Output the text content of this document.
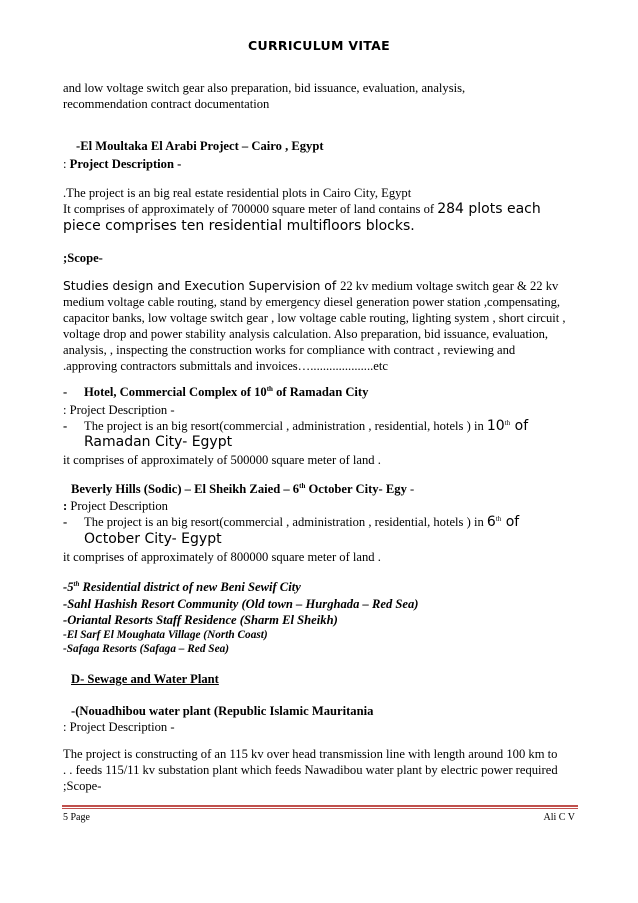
CURRICULUM VITAE
and low voltage switch gear also preparation, bid issuance, evaluation, analysis,
recommendation contract documentation
-El Moultaka El Arabi Project – Cairo , Egypt
: Project Description -
.The project is an big real estate residential plots in Cairo City, Egypt
It comprises of approximately of 700000 square meter of land contains of 284 plots each
piece comprises ten residential multifloors blocks.
;Scope-
Studies design and Execution Supervision of 22 kv medium voltage switch gear & 22 kv
medium voltage cable routing, stand by emergency diesel generation power station ,compensating,
capacitor banks, low voltage switch gear , low voltage cable routing, lighting system , short circuit ,
voltage drop and power stability analysis calculation. Also preparation, bid issuance, evaluation,
analysis, , inspecting the construction works for compliance with contract , reviewing and
.approving contractors submittals and invoices…....................etc
- Hotel, Commercial Complex of 10th of Ramadan City
: Project Description -
- The project is an big resort(commercial , administration , residential, hotels ) in 10th of
Ramadan City- Egypt
it comprises of approximately of 500000 square meter of land .
Beverly Hills (Sodic) – El Sheikh Zaied – 6th October City- Egy -
: Project Description
- The project is an big resort(commercial , administration , residential, hotels ) in 6th of
October City- Egypt
it comprises of approximately of 800000 square meter of land .
-5th Residential district of new Beni Sewif City
-Sahl Hashish Resort Community (Old town – Hurghada – Red Sea)
-Oriantal Resorts Staff Residence (Sharm El Sheikh)
-El Sarf El Moughata Village (North Coast)
-Safaga Resorts (Safaga – Red Sea)
D- Sewage and Water Plant
-(Nouadhibou water plant (Republic Islamic Mauritania
: Project Description -
The project is constructing of an 115 kv over head transmission line with length around 100 km to
. . feeds 115/11 kv substation plant which feeds Nawadibou water plant by electric power required
;Scope-
5 Page	Ali C V
